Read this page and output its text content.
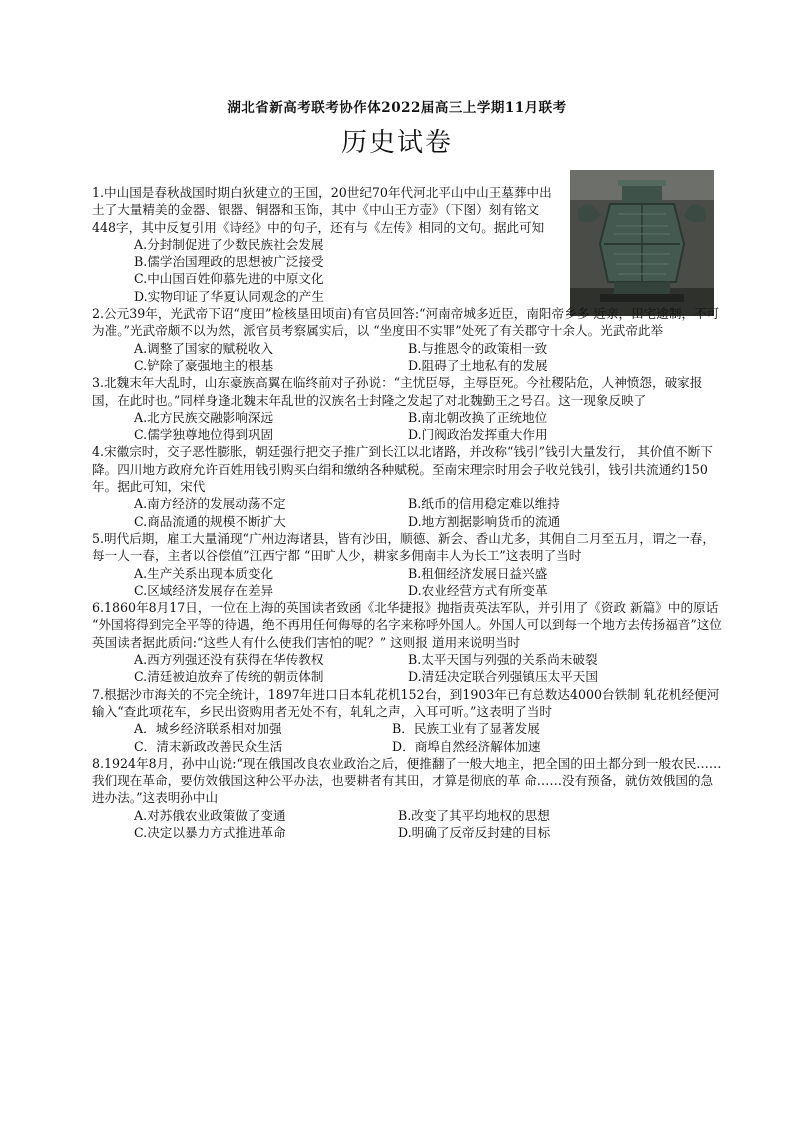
湖北省新高考联考协作体2022届高三上学期11月联考
历史试卷
1.中山国是春秋战国时期白狄建立的王国，20世纪70年代河北平山中山王墓葬中出土了大量精美的金器、银器、铜器和玉饰，其中《中山王方壶》（下图）刻有铭文448字，其中反复引用《诗经》中的句子，还有与《左传》相同的文句。据此可知
A.分封制促进了少数民族社会发展
B.儒学治国理政的思想被广泛接受
C.中山国百姓仰慕先进的中原文化
D.实物印证了华夏认同观念的产生
2.公元39年，光武帝下诏“度田”检核垦田顷亩)有官员回答:“河南帝城多近臣，南阳帝乡多 近亲，田宅逾制，不可为准。”光武帝颇不以为然，派官员考察属实后，以 “坐度田不实罪”处死了有关郡守十余人。光武帝此举
A.调整了国家的赋税收入	B.与推恩令的政策相一致
C.铲除了豪强地主的根基	D.阻碍了土地私有的发展
3.北魏末年大乱时，山东豪族高翼在临终前对子孙说：“主忧臣辱，主辱臣死。今社稷阽危，人神愤怨，破家报国，在此时也。”同样身逢北魏末年乱世的汉族名士封隆之发起了对北魏勤王之号召。这一现象反映了
A.北方民族交融影响深远	B.南北朝改换了正统地位
C.儒学独尊地位得到巩固	D.门阀政治发挥重大作用
4.宋徽宗时，交子恶性膨胀，朝廷强行把交子推广到长江以北诸路，并改称“钱引”钱引大量发行， 其价值不断下降。四川地方政府允许百姓用钱引购买白绢和缴纳各种赋税。至南宋理宗时用会子收兑钱引，钱引共流通约150 年。据此可知，宋代
A.南方经济的发展动荡不定	B.纸币的信用稳定难以维持
C.商品流通的规模不断扩大	D.地方割据影响货币的流通
5.明代后期，雇工大量涌现“广州边海诸县，皆有沙田，顺德、新会、香山尤多，其佣自二月至五月，谓之一春，每一人一春，主者以谷偿值”江西宁都 “田旷人少，耕家多佣南丰人为长工”这表明了当时
A.生产关系出现本质变化	B.租佃经济发展日益兴盛
C.区域经济发展存在差异	D.农业经营方式有所变革
6.1860年8月17日，一位在上海的英国读者致函《北华捷报》抛指责英法军队，并引用了《资政 新篇》中的原话 “外国将得到完全平等的待遇，绝不再用任何侮辱的名字来称呼外国人。外国人可以到每一个地方去传扬福音”这位英国读者据此质问:“这些人有什么使我们害怕的呢？” 这则报 道用来说明当时
A.西方列强还没有获得在华传教权	B.太平天国与列强的关系尚未破裂
C.清廷被迫放弃了传统的朝贡体制	D.清廷决定联合列强镇压太平天国
7.根据沙市海关的不完全统计，1897年进口日本轧花机152台，到1903年已有总数达4000台铁制 轧花机经便河输入“查此项花车，乡民出资购用者无处不有，轧轧之声，入耳可听。”这表明了当时
A．城乡经济联系相对加强	B．民族工业有了显著发展
C．清末新政改善民众生活	D．商埠自然经济解体加速
8.1924年8月，孙中山说:“现在俄国改良农业政治之后，便推翻了一般大地主，把全国的田土都分到一般农民……我们现在革命，要仿效俄国这种公平办法，也要耕者有其田，才算是彻底的革 命……没有预备，就仿效俄国的急进办法。”这表明孙中山
A.对苏俄农业政策做了变通	B.改变了其平均地权的思想
C.决定以暴力方式推进革命	D.明确了反帝反封建的目标
